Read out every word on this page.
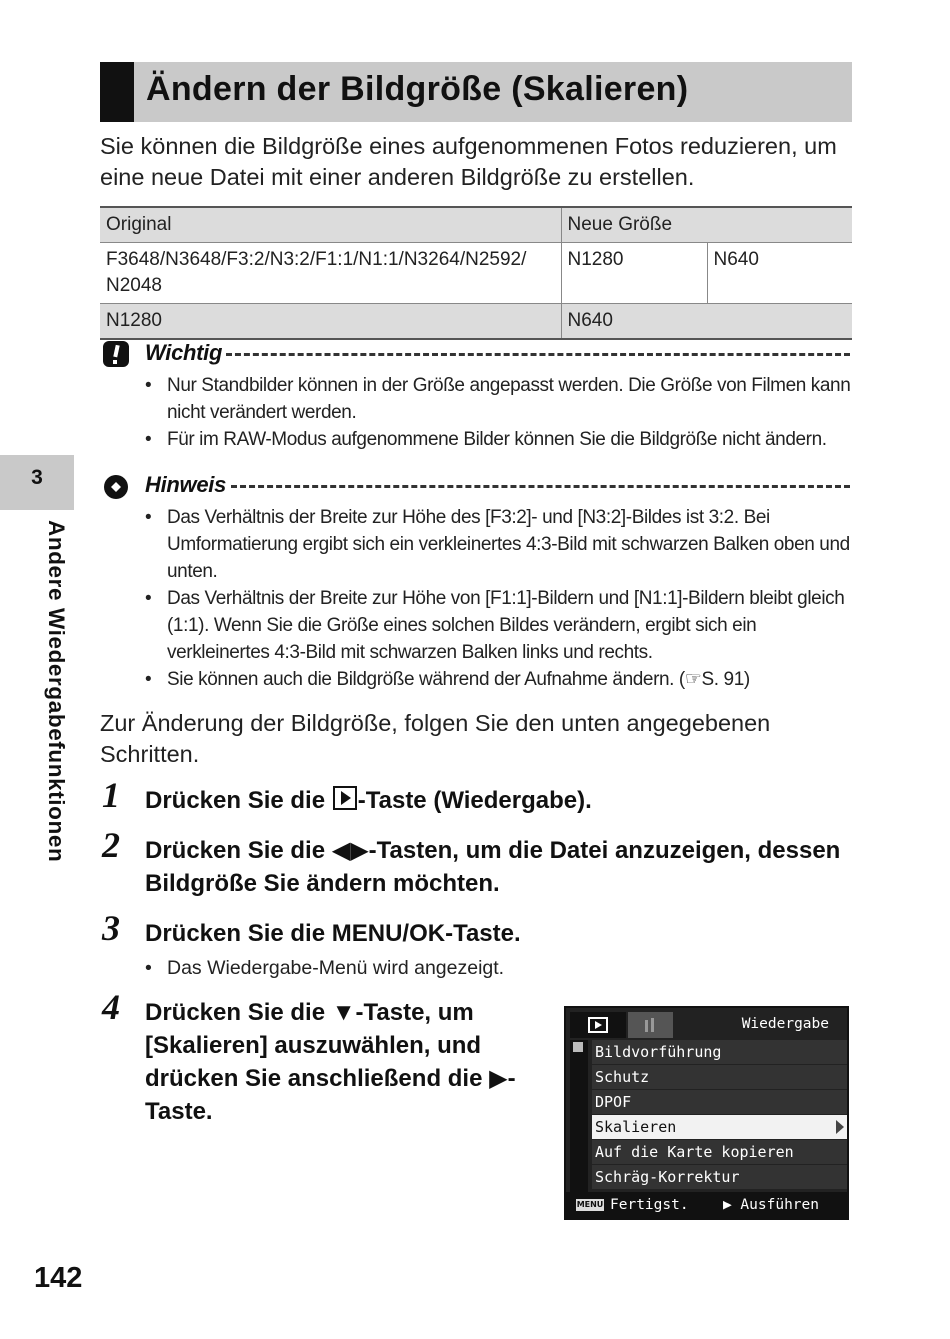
Ändern der Bildgröße (Skalieren)
Sie können die Bildgröße eines aufgenommenen Fotos reduzieren, um eine neue Datei mit einer anderen Bildgröße zu erstellen.
Original	Neue Größe	
F3648/N3648/F3:2/N3:2/F1:1/N1:1/N3264/N2592/ N2048	N1280	N640
N1280	N640	
Wichtig
• Nur Standbilder können in der Größe angepasst werden. Die Größe von Filmen kann nicht verändert werden.
• Für im RAW-Modus aufgenommene Bilder können Sie die Bildgröße nicht ändern.
3
Andere Wiedergabefunktionen
Hinweis
• Das Verhältnis der Breite zur Höhe des [F3:2]- und [N3:2]-Bildes ist 3:2. Bei Umformatierung ergibt sich ein verkleinertes 4:3-Bild mit schwarzen Balken oben und unten.
• Das Verhältnis der Breite zur Höhe von [F1:1]-Bildern und [N1:1]-Bildern bleibt gleich (1:1). Wenn Sie die Größe eines solchen Bildes verändern, ergibt sich ein verkleinertes 4:3-Bild mit schwarzen Balken links und rechts.
• Sie können auch die Bildgröße während der Aufnahme ändern. (☞S. 91)
Zur Änderung der Bildgröße, folgen Sie den unten angegebenen Schritten.
1 Drücken Sie die -Taste (Wiedergabe).
2 Drücken Sie die ◀▶-Tasten, um die Datei anzuzeigen, dessen Bildgröße Sie ändern möchten.
3 Drücken Sie die MENU/OK-Taste.
• Das Wiedergabe-Menü wird angezeigt.
4 Drücken Sie die ▼-Taste, um [Skalieren] auszuwählen, und drücken Sie anschließend die ▶-Taste.
Wiedergabe
Bildvorführung
Schutz
DPOF
Skalieren
Auf die Karte kopieren
Schräg-Korrektur
MENU Fertigst. ▶ Ausführen
142
